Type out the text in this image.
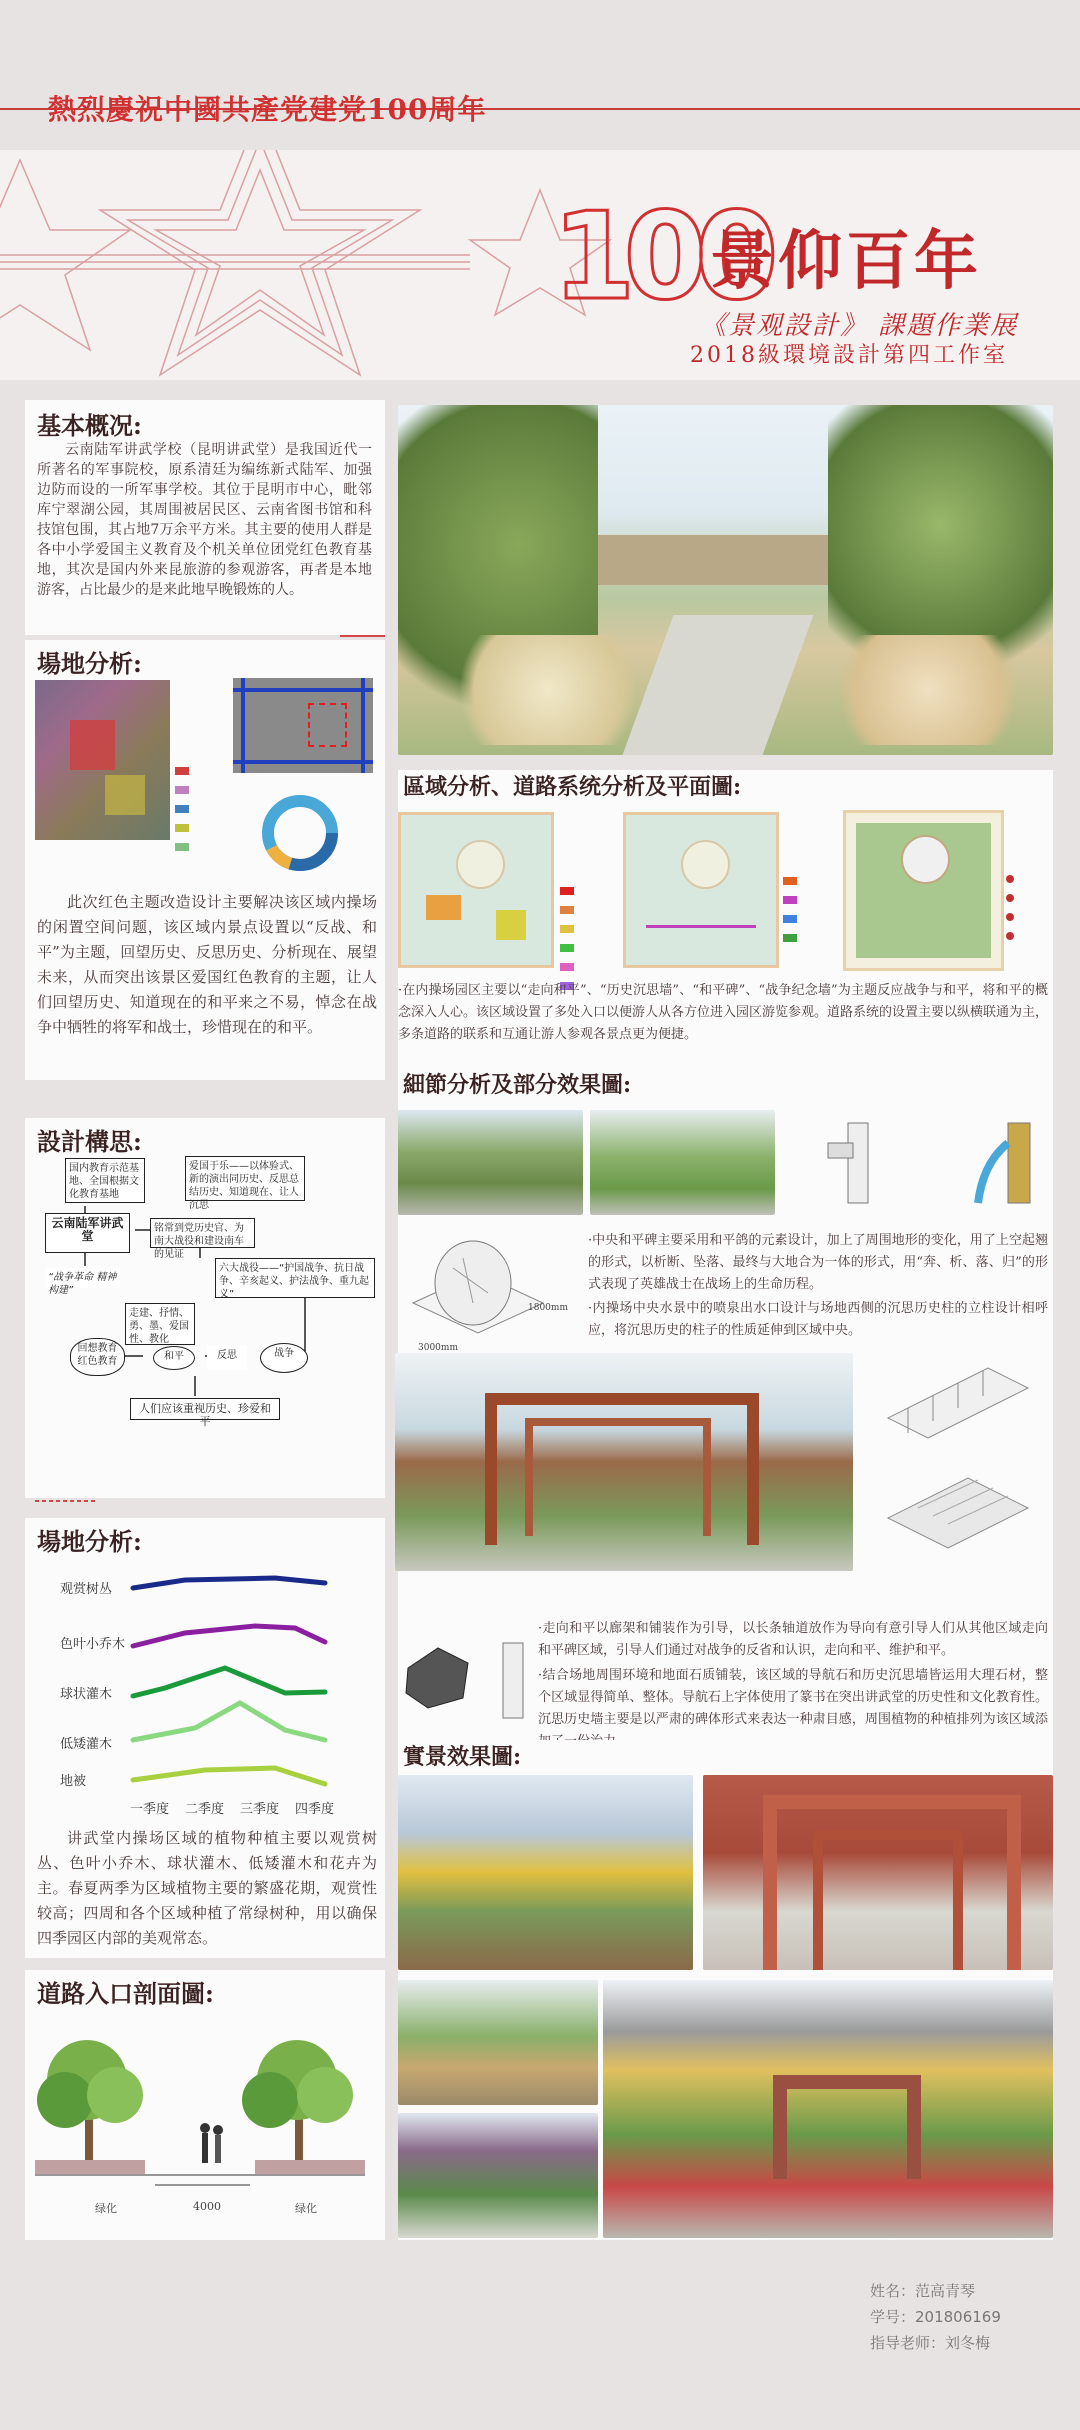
熱烈慶祝中國共產党建党100周年
100
景仰百年
《景观設計》 課題作業展
2018級環境設計第四工作室
基本概况:
云南陆军讲武学校（昆明讲武堂）是我国近代一所著名的军事院校，原系清廷为编练新式陆军、加强边防而设的一所军事学校。其位于昆明市中心，毗邻库宁翠湖公园，其周围被居民区、云南省图书馆和科技馆包围，其占地7万余平方米。其主要的使用人群是各中小学爱国主义教育及个机关单位团党红色教育基地，其次是国内外来昆旅游的参观游客，再者是本地游客，占比最少的是来此地早晚锻炼的人。
場地分析:
此次红色主题改造设计主要解决该区域内操场的闲置空间问题，该区域内景点设置以“反战、和平”为主题，回望历史、反思历史、分析现在、展望未来，从而突出该景区爱国红色教育的主题，让人们回望历史、知道现在的和平来之不易，悼念在战争中牺牲的将军和战士，珍惜现在的和平。
設計構思:
国内教育示范基地、全国根据文化教育基地
爱国于乐——以体验式、新的演出同历史、反思总结历史、知道现在、让人沉思
云南陆军讲武堂
铭常到党历史官、为南大战役和建设南车的见证
六大战役——“护国战争、抗日战争、辛亥起义、护法战争、重九起义”
“战争革命 精神构建”
走建、抒情、勇、墨、爱国性、教化
回想教育红色教育	和平	反思	战争
人们应该重视历史、珍爱和平
場地分析:
观赏树丛
色叶小乔木
球状灌木
低矮灌木
地被
一季度 二季度 三季度 四季度
讲武堂内操场区域的植物种植主要以观赏树丛、色叶小乔木、球状灌木、低矮灌木和花卉为主。春夏两季为区域植物主要的繁盛花期，观赏性较高；四周和各个区域种植了常绿树种，用以确保四季园区内部的美观常态。
道路入口剖面圖:
绿化	4000	绿化
區域分析、道路系统分析及平面圖:
·在内操场园区主要以“走向和平”、“历史沉思墙”、“和平碑”、“战争纪念墙”为主题反应战争与和平，将和平的概念深入人心。该区域设置了多处入口以便游人从各方位进入园区游览参观。道路系统的设置主要以纵横联通为主，多条道路的联系和互通让游人参观各景点更为便捷。
細節分析及部分效果圖:
3000mm
1800mm
·中央和平碑主要采用和平鸽的元素设计，加上了周围地形的变化，用了上空起翘的形式，以析断、坠落、最终与大地合为一体的形式，用“奔、析、落、归”的形式表现了英雄战士在战场上的生命历程。
·内操场中央水景中的喷泉出水口设计与场地西侧的沉思历史柱的立柱设计相呼应，将沉思历史的柱子的性质延伸到区域中央。
·走向和平以廊架和铺装作为引导，以长条轴道放作为导向有意引导人们从其他区域走向和平碑区域，引导人们通过对战争的反省和认识，走向和平、维护和平。
·结合场地周围环境和地面石质铺装，该区域的导航石和历史沉思墙皆运用大理石材，整个区域显得简单、整体。导航石上字体使用了篆书在突出讲武堂的历史性和文化教育性。沉思历史墙主要是以严肃的碑体形式来表达一种肃目感，周围植物的种植排列为该区域添
實景效果圖:
姓名：范高青琴
学号：201806169
指导老师：刘冬梅
